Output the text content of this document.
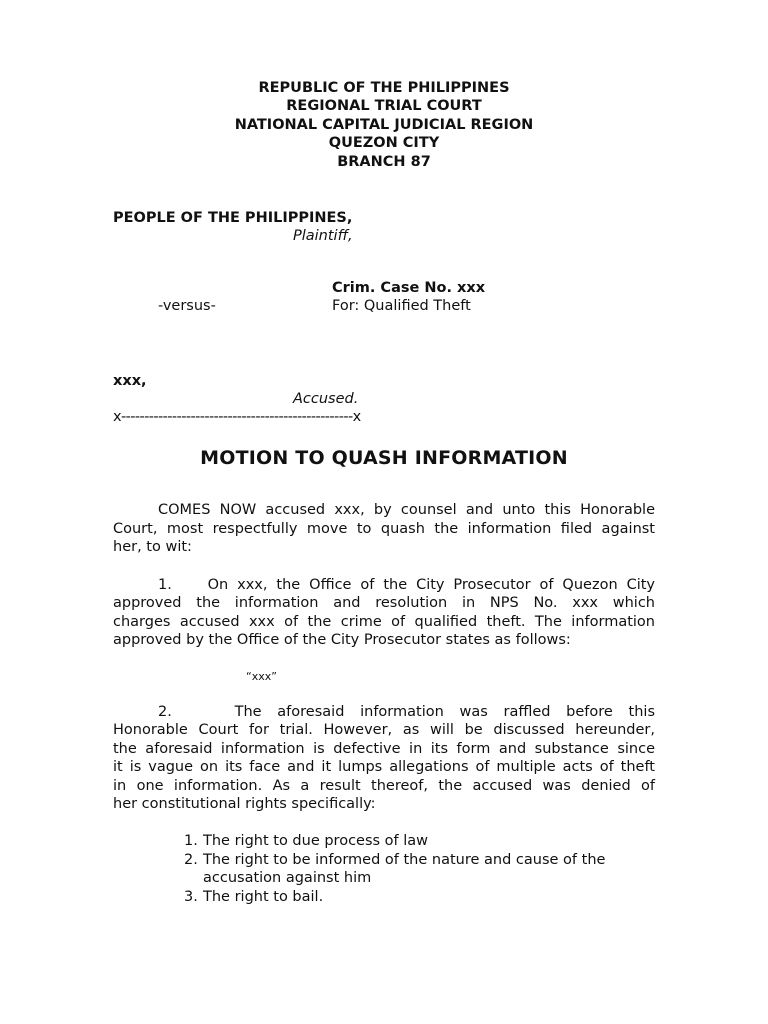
REPUBLIC OF THE PHILIPPINES
REGIONAL TRIAL COURT
NATIONAL CAPITAL JUDICIAL REGION
QUEZON CITY
BRANCH 87
PEOPLE OF THE PHILIPPINES,
Plaintiff,
Crim. Case No. xxx
-versus-	For: Qualified Theft
xxx,
Accused.
x--------------------------------------------------x
MOTION TO QUASH INFORMATION
COMES NOW accused xxx, by counsel and unto this Honorable
Court, most respectfully move to quash the information filed against
her, to wit:
1.    On xxx, the Office of the City Prosecutor of Quezon City
approved the information and resolution in NPS No. xxx which
charges accused xxx of the crime of qualified theft. The information
approved by the Office of the City Prosecutor states as follows:
“xxx”
2.    The aforesaid information was raffled before this
Honorable Court for trial. However, as will be discussed hereunder,
the aforesaid information is defective in its form and substance since
it is vague on its face and it lumps allegations of multiple acts of theft
in one information. As a result thereof, the accused was denied of
her constitutional rights specifically:
1. The right to due process of law
2. The right to be informed of the nature and cause of the
accusation against him
3. The right to bail.
